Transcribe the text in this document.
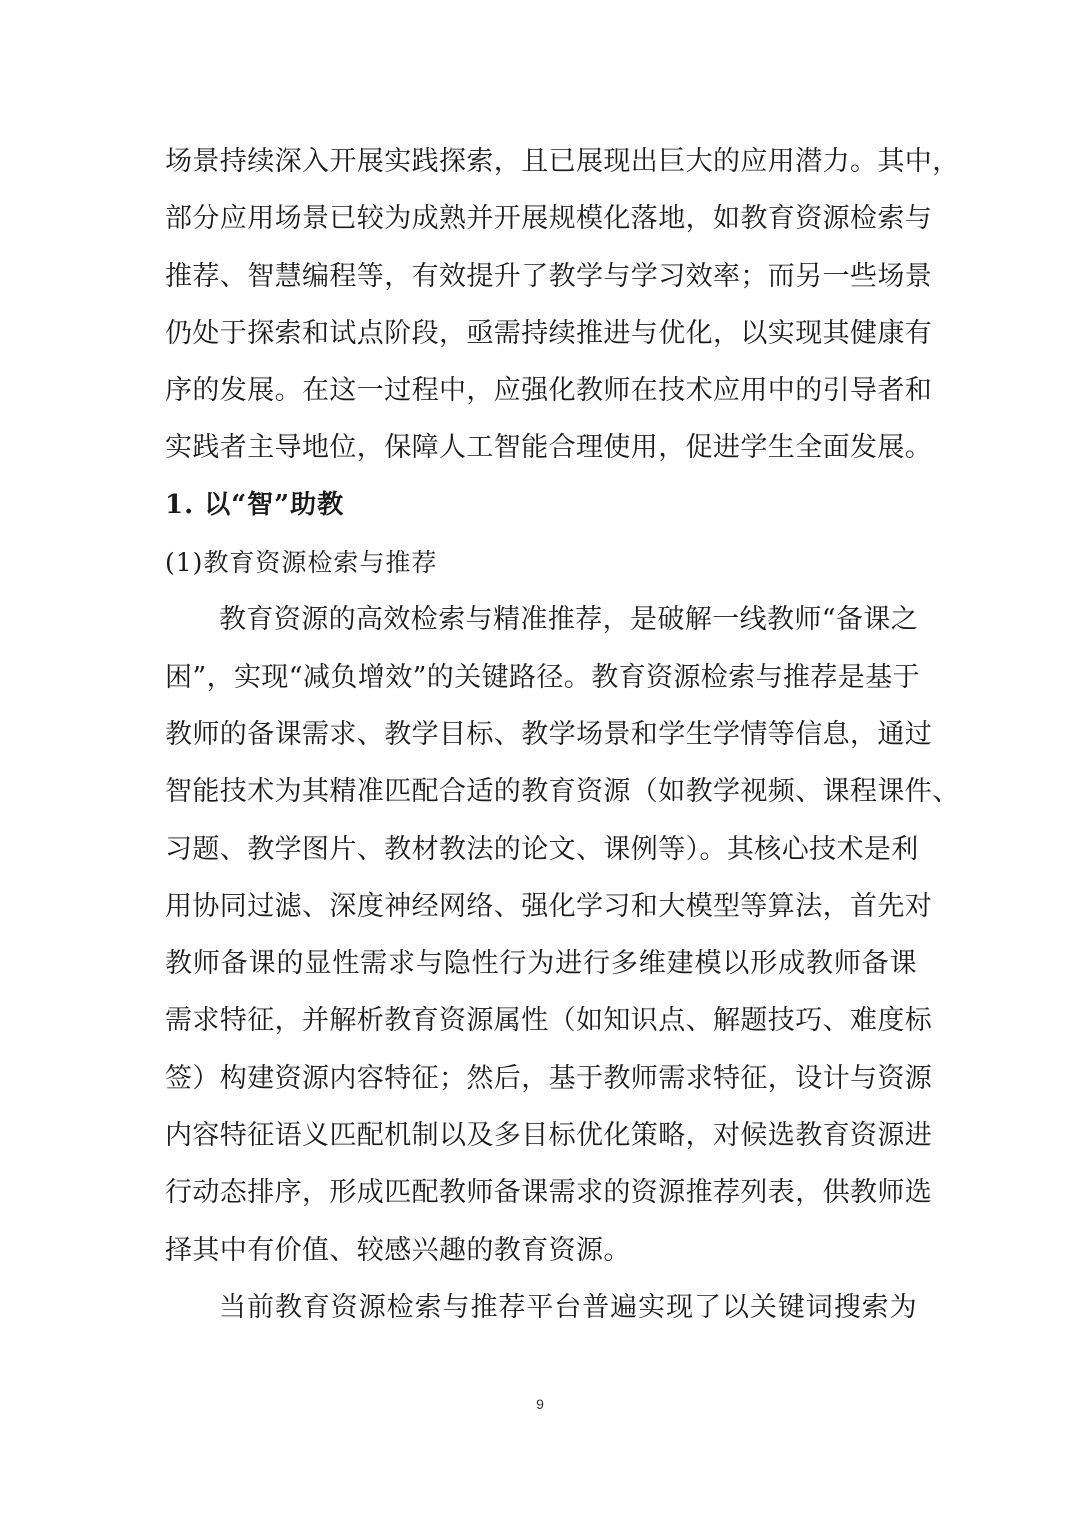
场景持续深入开展实践探索，且已展现出巨大的应用潜力。其中，
部分应用场景已较为成熟并开展规模化落地，如教育资源检索与
推荐、智慧编程等，有效提升了教学与学习效率；而另一些场景
仍处于探索和试点阶段，亟需持续推进与优化，以实现其健康有
序的发展。在这一过程中，应强化教师在技术应用中的引导者和
实践者主导地位，保障人工智能合理使用，促进学生全面发展。
1. 以“智”助教
(1)教育资源检索与推荐
教育资源的高效检索与精准推荐，是破解一线教师“备课之
困”，实现“减负增效”的关键路径。教育资源检索与推荐是基于
教师的备课需求、教学目标、教学场景和学生学情等信息，通过
智能技术为其精准匹配合适的教育资源（如教学视频、课程课件、
习题、教学图片、教材教法的论文、课例等）。其核心技术是利
用协同过滤、深度神经网络、强化学习和大模型等算法，首先对
教师备课的显性需求与隐性行为进行多维建模以形成教师备课
需求特征，并解析教育资源属性（如知识点、解题技巧、难度标
签）构建资源内容特征；然后，基于教师需求特征，设计与资源
内容特征语义匹配机制以及多目标优化策略，对候选教育资源进
行动态排序，形成匹配教师备课需求的资源推荐列表，供教师选
择其中有价值、较感兴趣的教育资源。
当前教育资源检索与推荐平台普遍实现了以关键词搜索为
9
